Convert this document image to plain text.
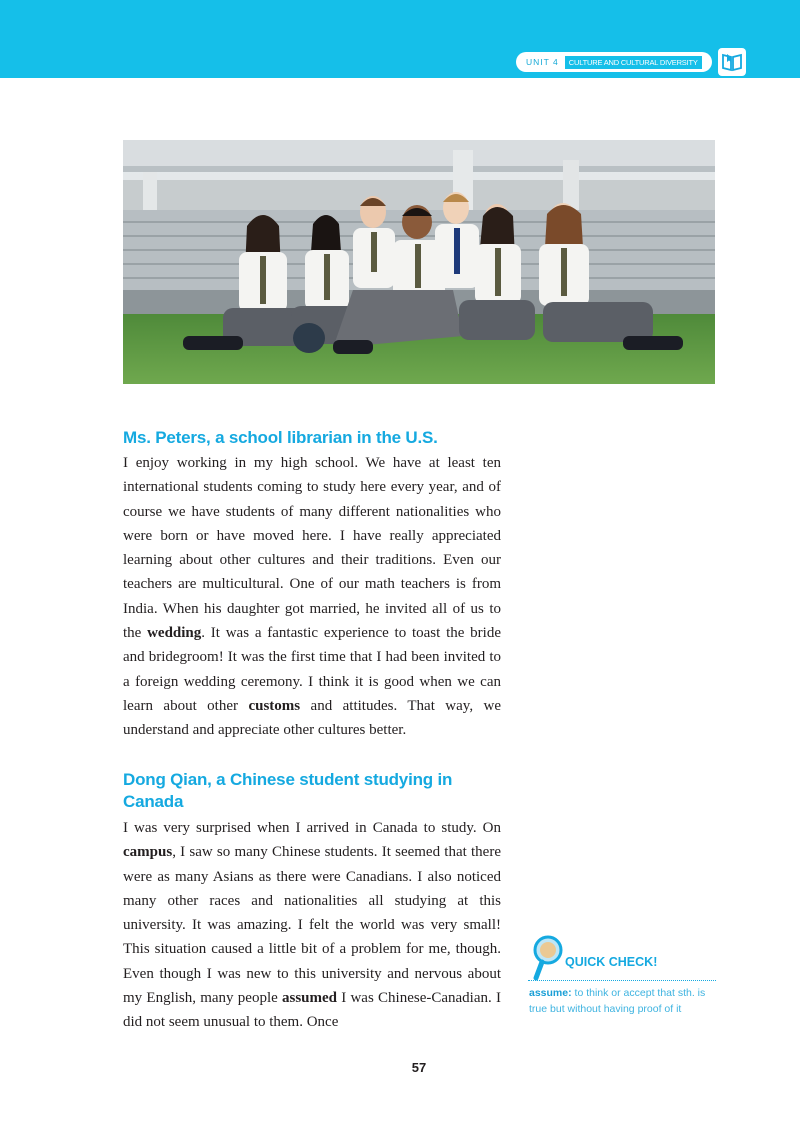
UNIT 4	CULTURE AND CULTURAL DIVERSITY
Ms. Peters, a school librarian in the U.S.

I enjoy working in my high school. We have at least ten international students coming to study here every year, and of course we have students of many different nationalities who were born or have moved here. I have really appreciated learning about other cultures and their traditions. Even our teachers are multicultural. One of our math teachers is from India. When his daughter got married, he invited all of us to the wedding. It was a fantastic experience to toast the bride and bridegroom! It was the first time that I had been invited to a foreign wedding ceremony. I think it is good when we can learn about other customs and attitudes. That way, we understand and appreciate other cultures better.

Dong Qian, a Chinese student studying in Canada

I was very surprised when I arrived in Canada to study. On campus, I saw so many Chinese students. It seemed that there were as many Asians as there were Canadians. I also noticed many other races and nationalities all studying at this university. It was amazing. I felt the world was very small! This situation caused a little bit of a problem for me, though. Even though I was new to this university and nervous about my English, many people assumed I was Chinese-Canadian. I did not seem unusual to them. Once

QUICK CHECK!
assume: to think or accept that sth. is true but without having proof of it
57
